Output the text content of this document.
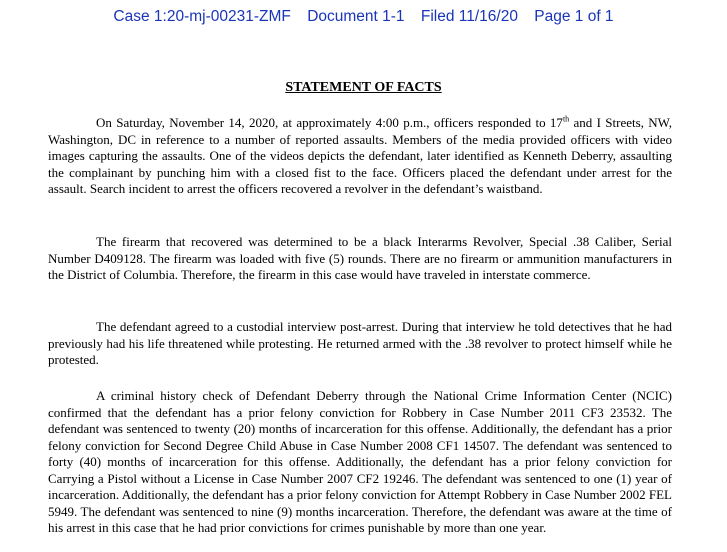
Case 1:20-mj-00231-ZMF Document 1-1 Filed 11/16/20 Page 1 of 1
STATEMENT OF FACTS

On Saturday, November 14, 2020, at approximately 4:00 p.m., officers responded to 17th and I Streets, NW, Washington, DC in reference to a number of reported assaults. Members of the media provided officers with video images capturing the assaults. One of the videos depicts the defendant, later identified as Kenneth Deberry, assaulting the complainant by punching him with a closed fist to the face. Officers placed the defendant under arrest for the assault. Search incident to arrest the officers recovered a revolver in the defendant’s waistband.

The firearm that recovered was determined to be a black Interarms Revolver, Special .38 Caliber, Serial Number D409128. The firearm was loaded with five (5) rounds. There are no firearm or ammunition manufacturers in the District of Columbia. Therefore, the firearm in this case would have traveled in interstate commerce.

The defendant agreed to a custodial interview post-arrest. During that interview he told detectives that he had previously had his life threatened while protesting. He returned armed with the .38 revolver to protect himself while he protested.

A criminal history check of Defendant Deberry through the National Crime Information Center (NCIC) confirmed that the defendant has a prior felony conviction for Robbery in Case Number 2011 CF3 23532. The defendant was sentenced to twenty (20) months of incarceration for this offense. Additionally, the defendant has a prior felony conviction for Second Degree Child Abuse in Case Number 2008 CF1 14507. The defendant was sentenced to forty (40) months of incarceration for this offense. Additionally, the defendant has a prior felony conviction for Carrying a Pistol without a License in Case Number 2007 CF2 19246. The defendant was sentenced to one (1) year of incarceration. Additionally, the defendant has a prior felony conviction for Attempt Robbery in Case Number 2002 FEL 5949. The defendant was sentenced to nine (9) months incarceration. Therefore, the defendant was aware at the time of his arrest in this case that he had prior convictions for crimes punishable by more than one year.
